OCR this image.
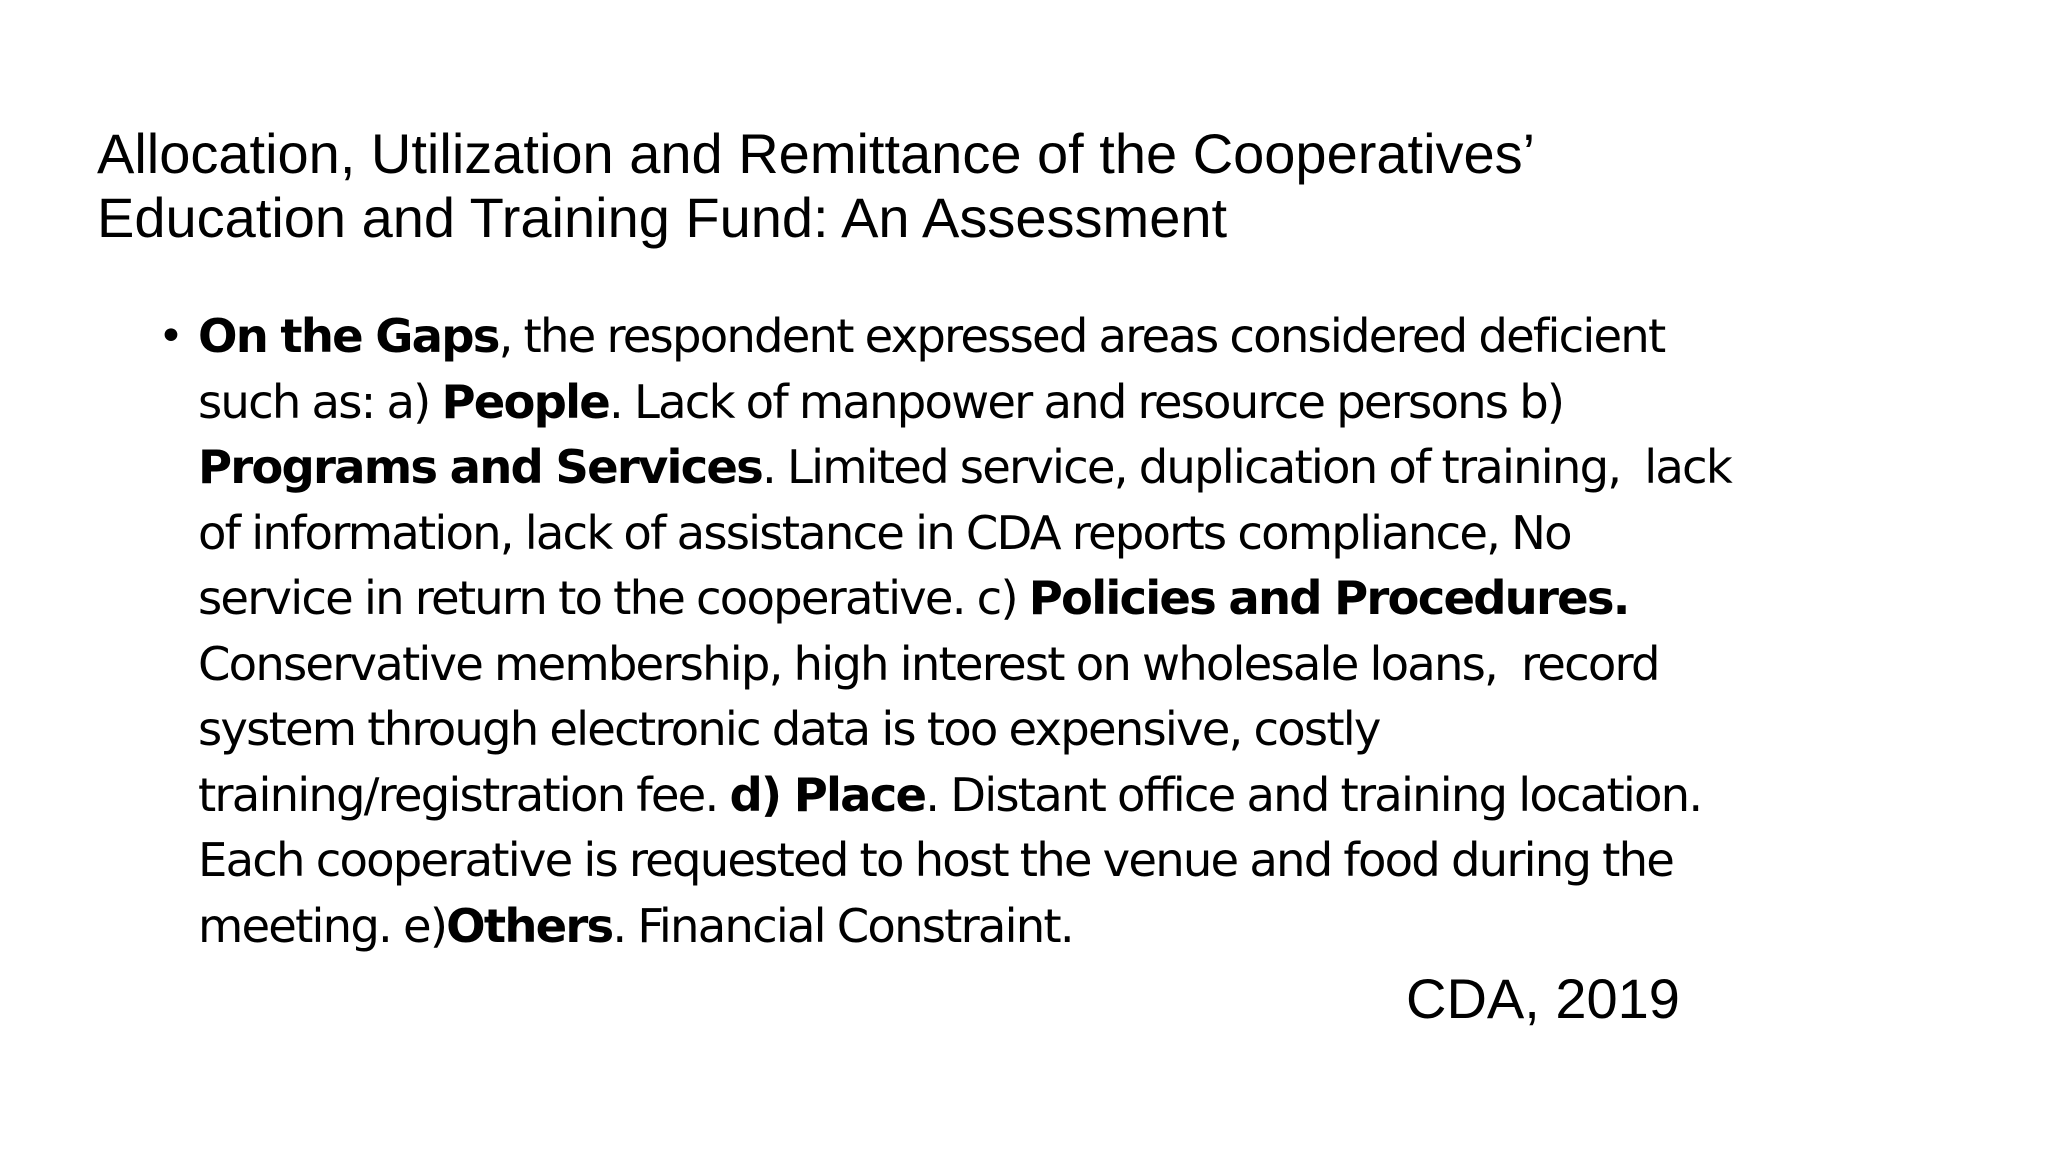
Allocation, Utilization and Remittance of the Cooperatives’
Education and Training Fund: An Assessment
• On the Gaps, the respondent expressed areas considered deficient
such as: a) People. Lack of manpower and resource persons b)
Programs and Services. Limited service, duplication of training,  lack
of information, lack of assistance in CDA reports compliance, No
service in return to the cooperative. c) Policies and Procedures.
Conservative membership, high interest on wholesale loans,  record
system through electronic data is too expensive, costly
training/registration fee. d) Place. Distant office and training location.
Each cooperative is requested to host the venue and food during the
meeting. e)Others. Financial Constraint.
CDA, 2019
